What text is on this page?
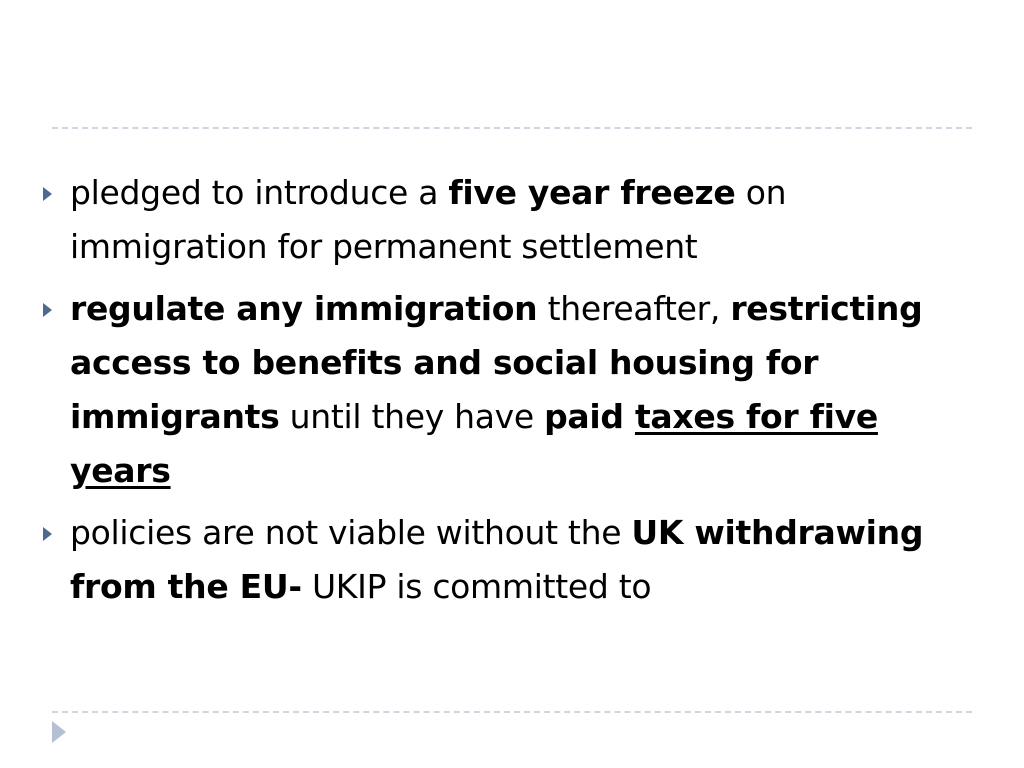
pledged to introduce a five year freeze on immigration for permanent settlement
regulate any immigration thereafter, restricting access to benefits and social housing for immigrants until they have paid taxes for five years
policies are not viable without the UK withdrawing from the EU- UKIP is committed to
